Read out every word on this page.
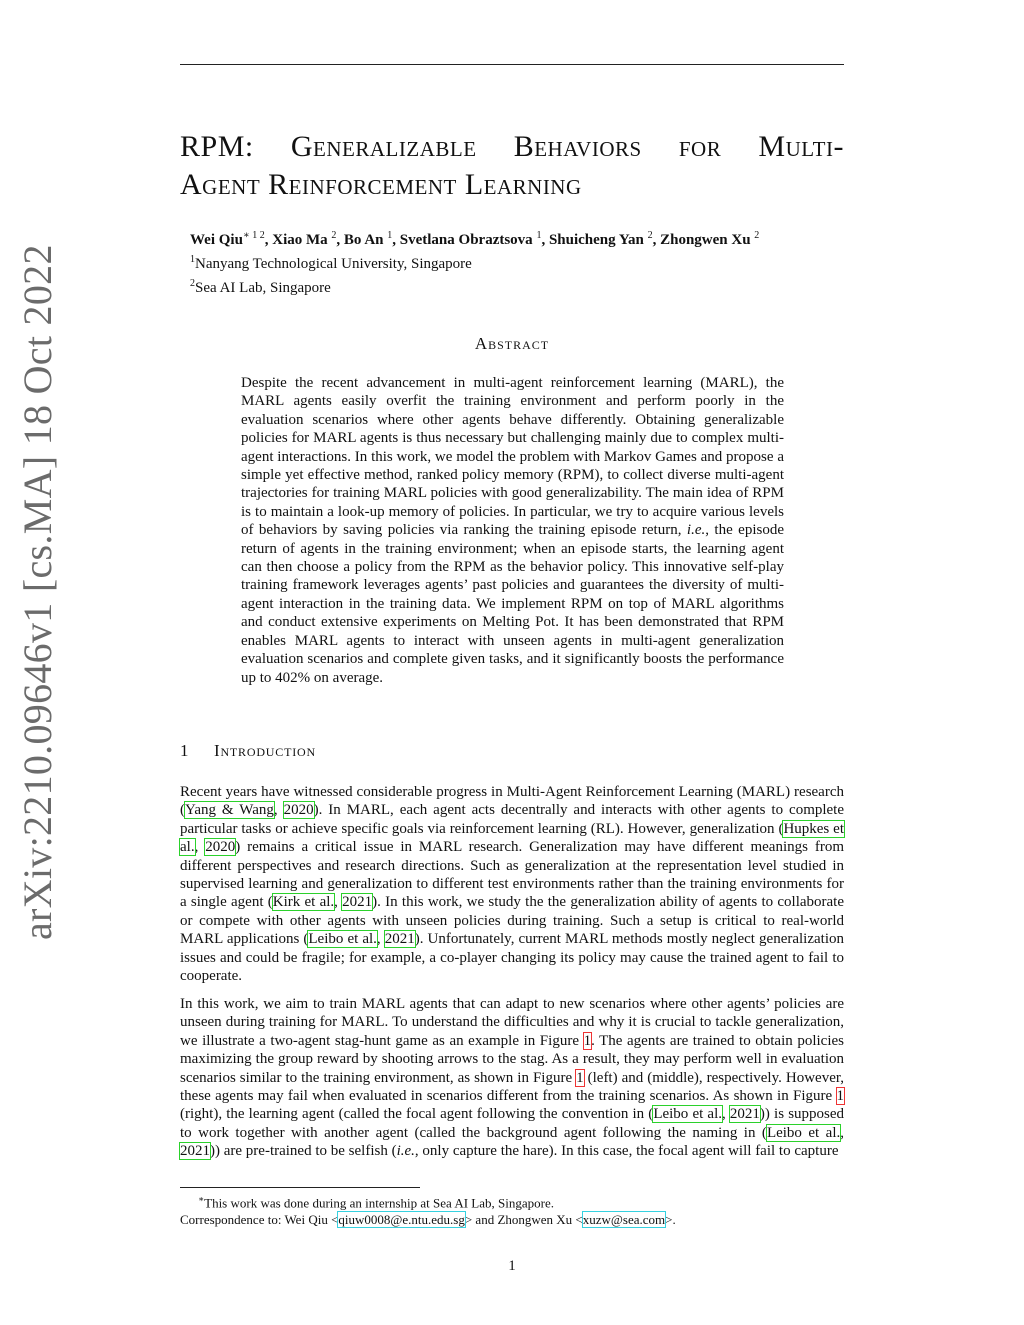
arXiv:2210.09646v1 [cs.MA] 18 Oct 2022
RPM: Generalizable Behaviors for Multi-
Agent Reinforcement Learning
Wei Qiu$^{∗ 1 2}$, Xiao Ma $^2$, Bo An $^1$, Svetlana Obraztsova $^1$, Shuicheng Yan $^2$, Zhongwen Xu $^2$
$^1$Nanyang Technological University, Singapore
$^2$Sea AI Lab, Singapore
Abstract
Despite the recent advancement in multi-agent reinforcement learning (MARL), the MARL agents easily overfit the training environment and perform poorly in the evaluation scenarios where other agents behave differently. Obtaining generalizable policies for MARL agents is thus necessary but challenging mainly due to complex multi-agent interactions. In this work, we model the problem with Markov Games and propose a simple yet effective method, ranked policy memory (RPM), to collect diverse multi-agent trajectories for training MARL policies with good generalizability. The main idea of RPM is to maintain a look-up memory of policies. In particular, we try to acquire various levels of behaviors by saving policies via ranking the training episode return, i.e., the episode return of agents in the training environment; when an episode starts, the learning agent can then choose a policy from the RPM as the behavior policy. This innovative self-play training framework leverages agents’ past policies and guarantees the diversity of multi-agent interaction in the training data. We implement RPM on top of MARL algorithms and conduct extensive experiments on Melting Pot. It has been demonstrated that RPM enables MARL agents to interact with unseen agents in multi-agent generalization evaluation scenarios and complete given tasks, and it significantly boosts the performance up to 402% on average.
1 Introduction

Recent years have witnessed considerable progress in Multi-Agent Reinforcement Learning (MARL) research (Yang & Wang, 2020). In MARL, each agent acts decentrally and interacts with other agents to complete particular tasks or achieve specific goals via reinforcement learning (RL). However, generalization (Hupkes et al., 2020) remains a critical issue in MARL research. Generalization may have different meanings from different perspectives and research directions. Such as generalization at the representation level studied in supervised learning and generalization to different test environments rather than the training environments for a single agent (Kirk et al., 2021). In this work, we study the the generalization ability of agents to collaborate or compete with other agents with unseen policies during training. Such a setup is critical to real-world MARL applications (Leibo et al., 2021). Unfortunately, current MARL methods mostly neglect generalization issues and could be fragile; for example, a co-player changing its policy may cause the trained agent to fail to cooperate.

In this work, we aim to train MARL agents that can adapt to new scenarios where other agents’ policies are unseen during training for MARL. To understand the difficulties and why it is crucial to tackle generalization, we illustrate a two-agent stag-hunt game as an example in Figure 1. The agents are trained to obtain policies maximizing the group reward by shooting arrows to the stag. As a result, they may perform well in evaluation scenarios similar to the training environment, as shown in Figure 1 (left) and (middle), respectively. However, these agents may fail when evaluated in scenarios different from the training scenarios. As shown in Figure 1 (right), the learning agent (called the focal agent following the convention in (Leibo et al., 2021)) is supposed to work together with another agent (called the background agent following the naming in (Leibo et al., 2021)) are pre-trained to be selfish (i.e., only capture the hare). In this case, the focal agent will fail to capture

∗This work was done during an internship at Sea AI Lab, Singapore.
Correspondence to: Wei Qiu <qiuw0008@e.ntu.edu.sg> and Zhongwen Xu <xuzw@sea.com>.
1
